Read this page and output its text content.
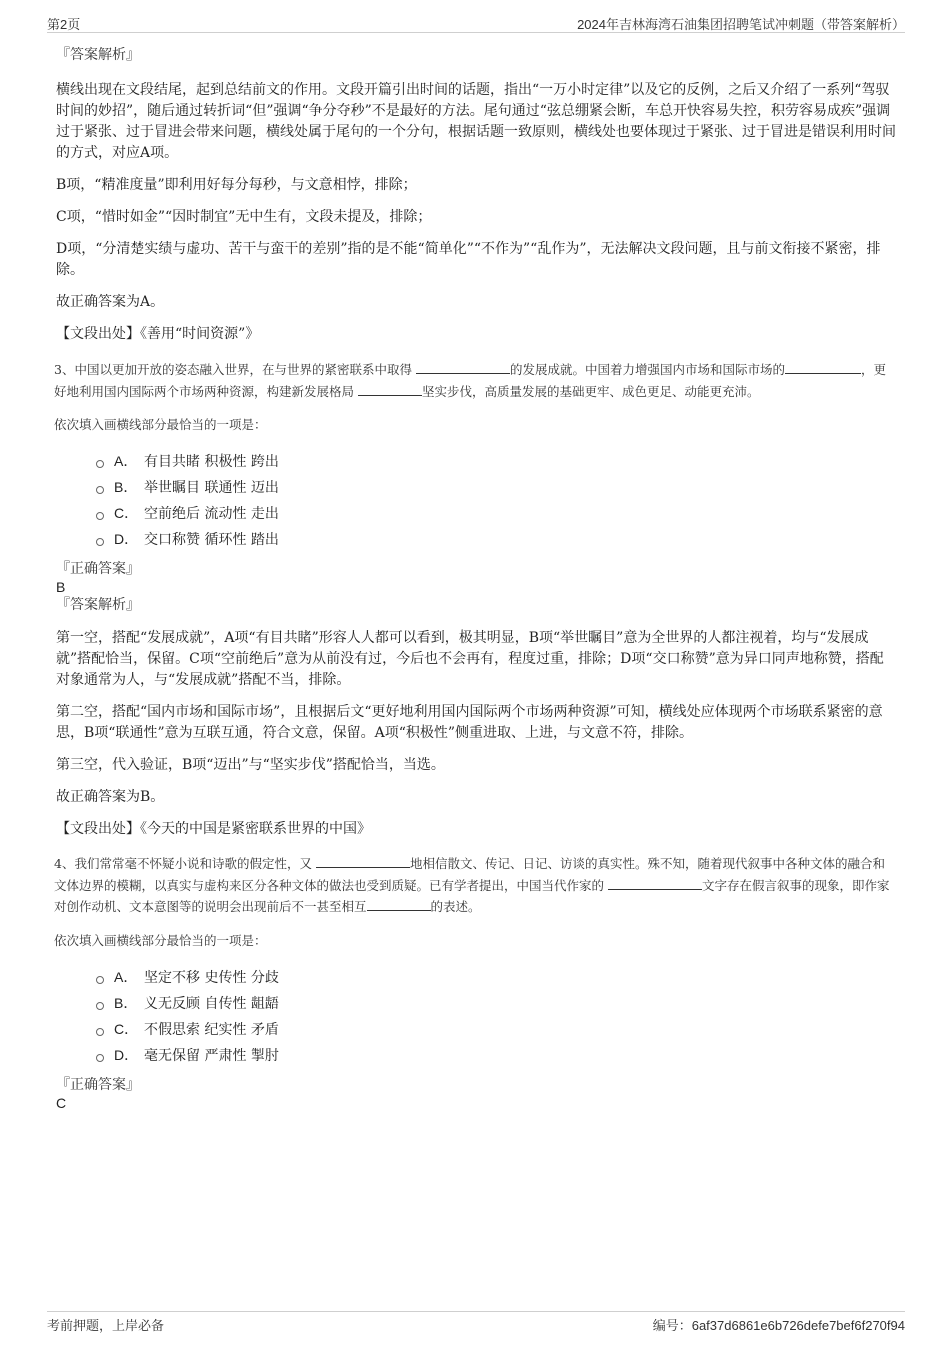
第2页	2024年吉林海湾石油集团招聘笔试冲刺题（带答案解析）

『答案解析』

横线出现在文段结尾，起到总结前文的作用。文段开篇引出时间的话题，指出“一万小时定律”以及它的反例，之后又介绍了一系列“驾驭时间的妙招”，随后通过转折词“但”强调“争分夺秒”不是最好的方法。尾句通过“弦总绷紧会断，车总开快容易失控，积劳容易成疾”强调过于紧张、过于冒进会带来问题，横线处属于尾句的一个分句，根据话题一致原则，横线处也要体现过于紧张、过于冒进是错误利用时间的方式，对应A项。

B项，“精准度量”即利用好每分每秒，与文意相悖，排除；

C项，“惜时如金”“因时制宜”无中生有，文段未提及，排除；

D项，“分清楚实绩与虚功、苦干与蛮干的差别”指的是不能“简单化”“不作为”“乱作为”，无法解决文段问题，且与前文衔接不紧密，排除。

故正确答案为A。

【文段出处】《善用“时间资源”》

3、中国以更加开放的姿态融入世界，在与世界的紧密联系中取得	的发展成就。中国着力增强国内市场和国际市场的	，更好地利用国内国际两个市场两种资源，构建新发展格局	坚实步伐，高质量发展的基础更牢、成色更足、动能更充沛。

依次填入画横线部分最恰当的一项是：

A． 有目共睹 积极性 跨出
B． 举世瞩目 联通性 迈出
C． 空前绝后 流动性 走出
D． 交口称赞 循环性 踏出

『正确答案』

B

『答案解析』

第一空，搭配“发展成就”，A项“有目共睹”形容人人都可以看到，极其明显，B项“举世瞩目”意为全世界的人都注视着，均与“发展成就”搭配恰当，保留。C项“空前绝后”意为从前没有过，今后也不会再有，程度过重，排除；D项“交口称赞”意为异口同声地称赞，搭配对象通常为人，与“发展成就”搭配不当，排除。

第二空，搭配“国内市场和国际市场”，且根据后文“更好地利用国内国际两个市场两种资源”可知，横线处应体现两个市场联系紧密的意思，B项“联通性”意为互联互通，符合文意，保留。A项“积极性”侧重进取、上进，与文意不符，排除。

第三空，代入验证，B项“迈出”与“坚实步伐”搭配恰当，当选。

故正确答案为B。

【文段出处】《今天的中国是紧密联系世界的中国》

4、我们常常毫不怀疑小说和诗歌的假定性，又	地相信散文、传记、日记、访谈的真实性。殊不知，随着现代叙事中各种文体的融合和文体边界的模糊，以真实与虚构来区分各种文体的做法也受到质疑。已有学者提出，中国当代作家的	文字存在假言叙事的现象，即作家对创作动机、文本意图等的说明会出现前后不一甚至相互	的表述。

依次填入画横线部分最恰当的一项是：

A． 坚定不移 史传性 分歧
B． 义无反顾 自传性 龃龉
C． 不假思索 纪实性 矛盾
D． 毫无保留 严肃性 掣肘

『正确答案』

C

考前押题，上岸必备	编号：6af37d6861e6b726defe7bef6f270f94
